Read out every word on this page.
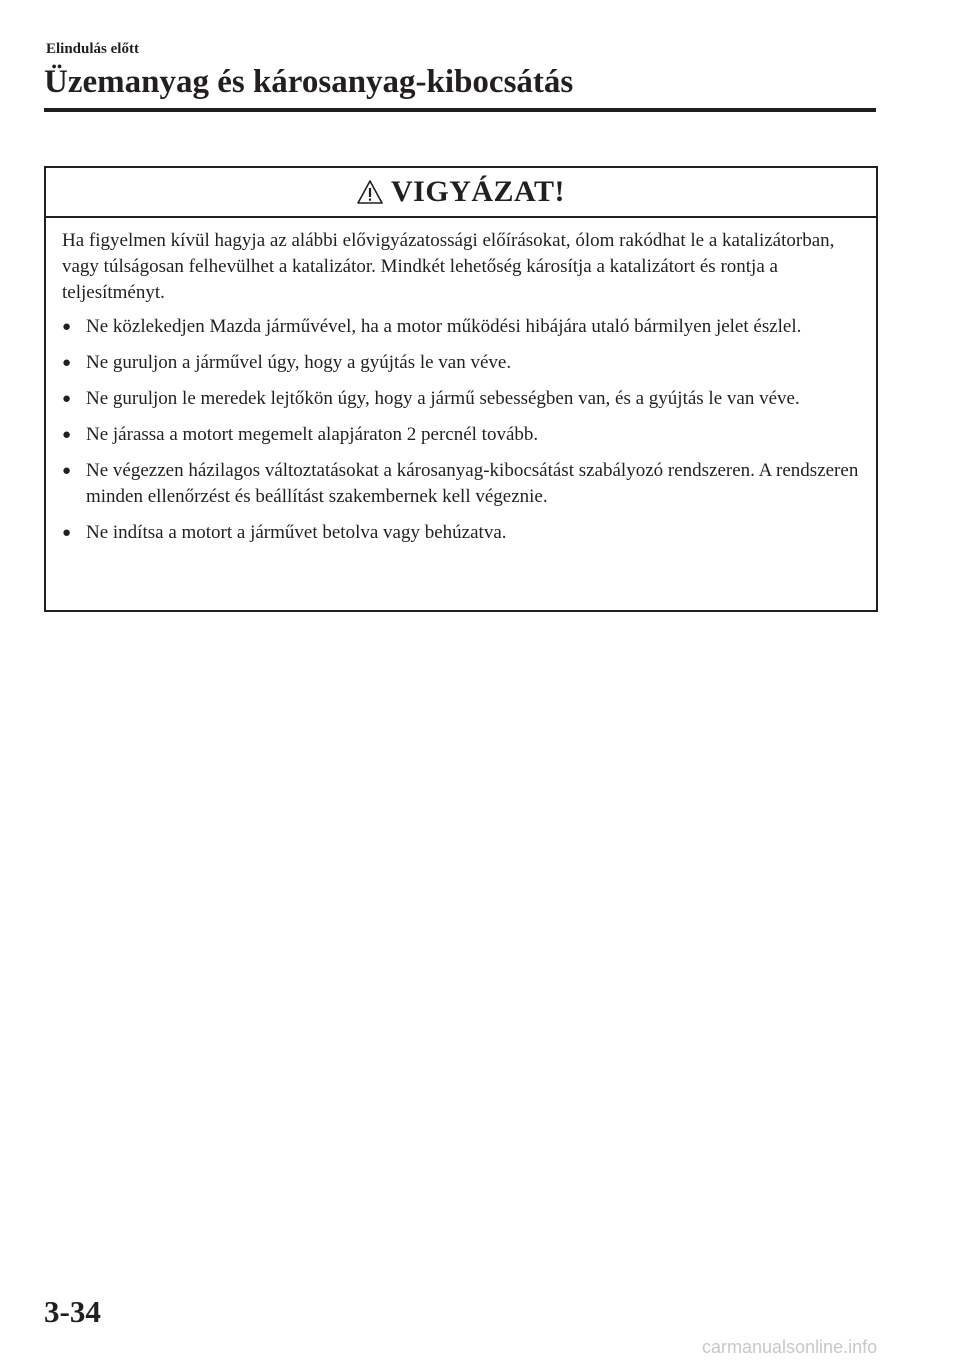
Elindulás előtt
Üzemanyag és károsanyag-kibocsátás
VIGYÁZAT!

Ha figyelmen kívül hagyja az alábbi elővigyázatossági előírásokat, ólom rakódhat le a katalizátorban, vagy túlságosan felhevülhet a katalizátor. Mindkét lehetőség károsítja a katalizátort és rontja a teljesítményt.

● Ne közlekedjen Mazda járművével, ha a motor működési hibájára utaló bármilyen jelet észlel.
● Ne guruljon a járművel úgy, hogy a gyújtás le van véve.
● Ne guruljon le meredek lejtőkön úgy, hogy a jármű sebességben van, és a gyújtás le van véve.
● Ne járassa a motort megemelt alapjáraton 2 percnél tovább.
● Ne végezzen házilagos változtatásokat a károsanyag-kibocsátást szabályozó rendszeren. A rendszeren minden ellenőrzést és beállítást szakembernek kell végeznie.
● Ne indítsa a motort a járművet betolva vagy behúzatva.
3-34
carmanualsonline.info
